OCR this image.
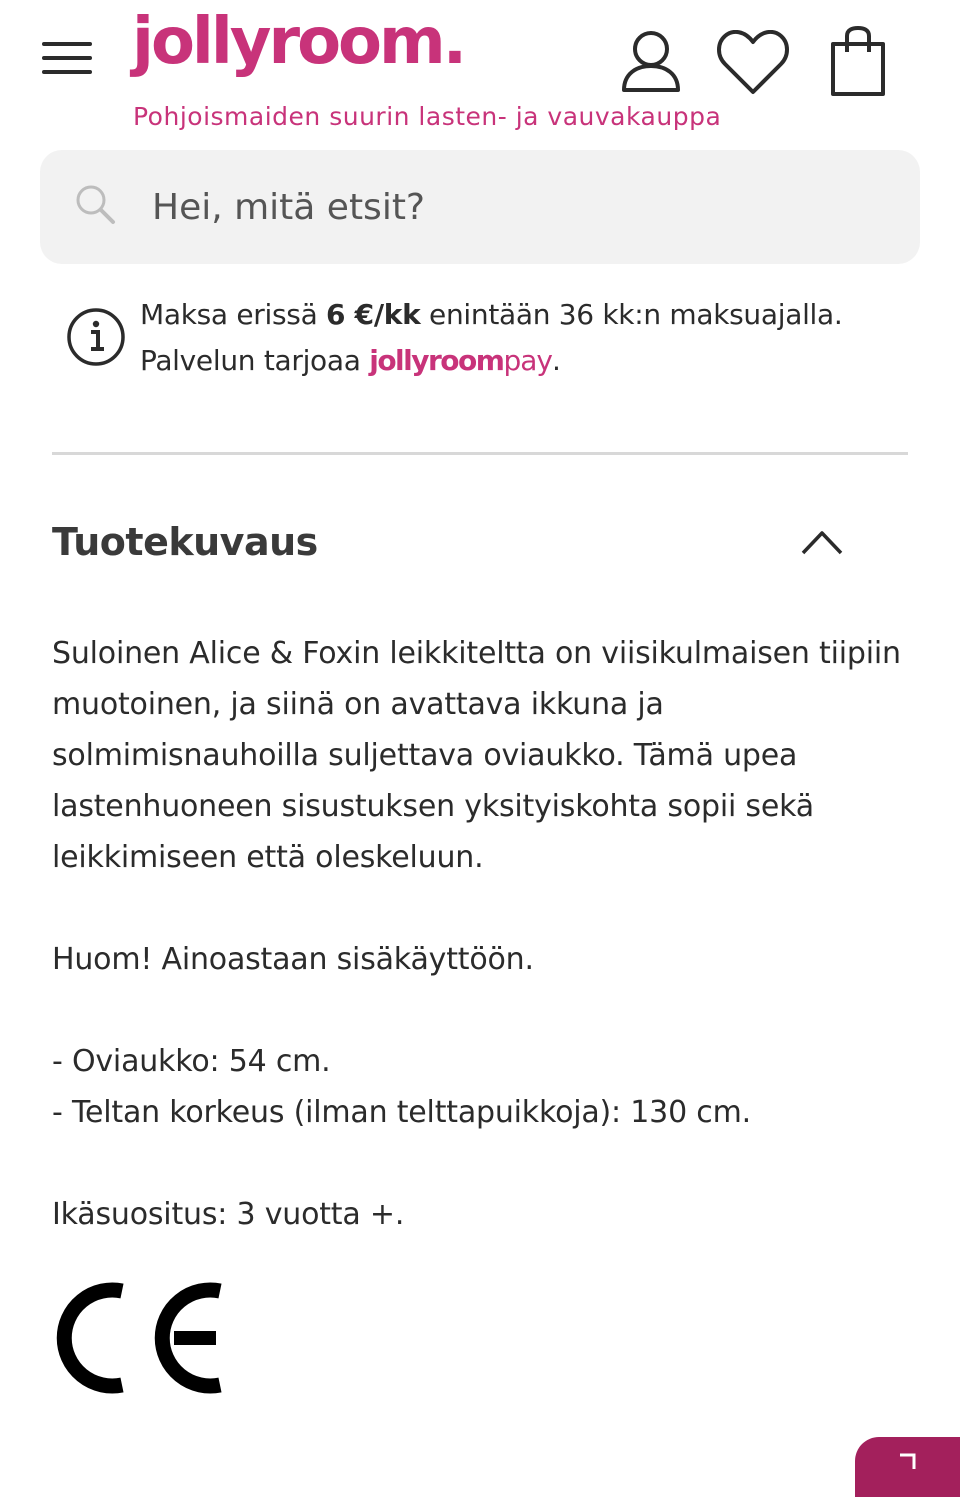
jollyroom.
Pohjoismaiden suurin lasten- ja vauvakauppa
Hei, mitä etsit?
Maksa erissä 6 €/kk enintään 36 kk:n maksuajalla.
Palvelun tarjoaa jollyroompay.
Tuotekuvaus

Suloinen Alice & Foxin leikkiteltta on viisikulmaisen tiipiin muotoinen, ja siinä on avattava ikkuna ja solmimisnauhoilla suljettava oviaukko. Tämä upea lastenhuoneen sisustuksen yksityiskohta sopii sekä leikkimiseen että oleskeluun.

Huom! Ainoastaan sisäkäyttöön.

- Oviaukko: 54 cm.

- Teltan korkeus (ilman telttapuikkoja): 130 cm.

Ikäsuositus: 3 vuotta +.
